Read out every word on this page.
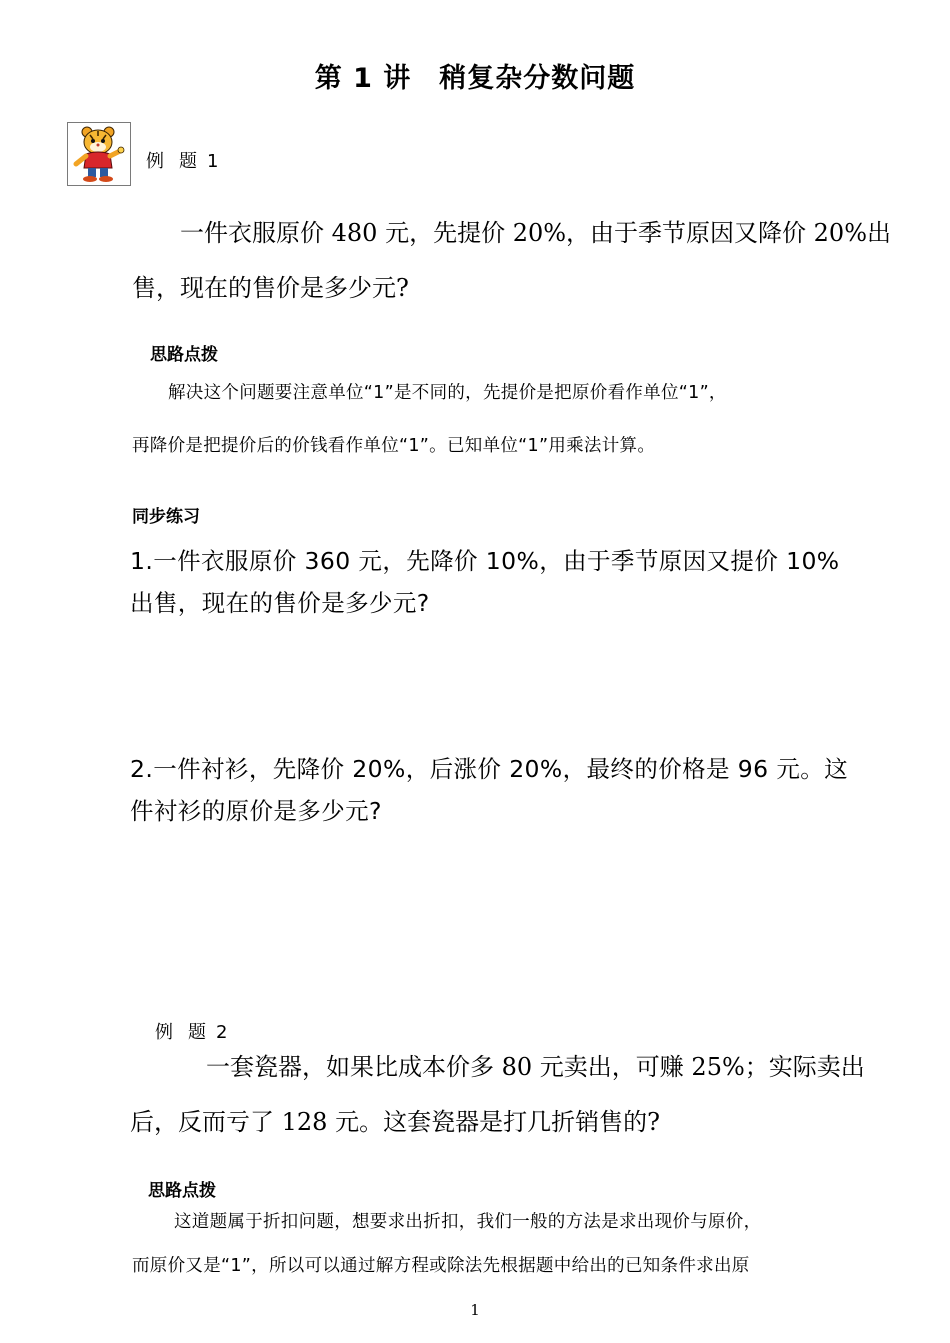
第 1 讲　稍复杂分数问题
例 题 1
一件衣服原价 480 元，先提价 20%，由于季节原因又降价 20%出
售，现在的售价是多少元?
思路点拨
解决这个问题要注意单位“1”是不同的，先提价是把原价看作单位“1”，
再降价是把提价后的价钱看作单位“1”。已知单位“1”用乘法计算。
同步练习
1.一件衣服原价 360 元，先降价 10%，由于季节原因又提价 10%
出售，现在的售价是多少元?
2.一件衬衫，先降价 20%，后涨价 20%，最终的价格是 96 元。这
件衬衫的原价是多少元?
例 题 2
一套瓷器，如果比成本价多 80 元卖出，可赚 25%；实际卖出
后，反而亏了 128 元。这套瓷器是打几折销售的?
思路点拨
这道题属于折扣问题，想要求出折扣，我们一般的方法是求出现价与原价，
而原价又是“1”，所以可以通过解方程或除法先根据题中给出的已知条件求出原
1
